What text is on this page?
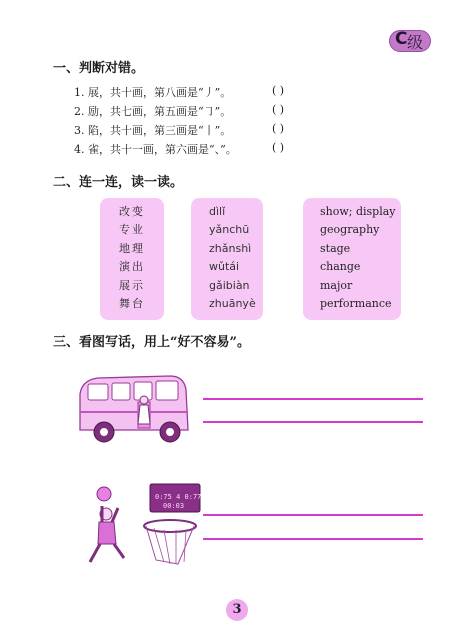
C 级
一、判断对错。
1. 展，共十画，第八画是“丿”。	( )
2. 励，共七画，第五画是“㇆”。	( )
3. 陷，共十画，第三画是“丨”。	( )
4. 雀，共十一画，第六画是“、”。	( )
二、连一连，读一读。
改变
专业
地理
演出
展示
舞台
dìlǐ
yǎnchū
zhǎnshì
wǔtái
gǎibiàn
zhuānyè
show; display
geography
stage
change
major
performance
三、看图写话，用上“好不容易”。
0:75 4 0:77
00:03
3
